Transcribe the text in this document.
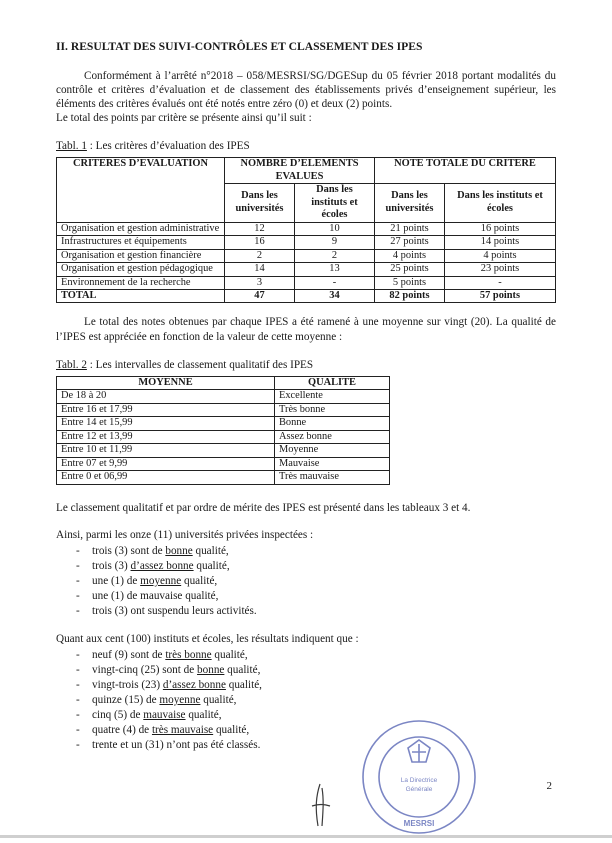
II. RESULTAT DES SUIVI-CONTRÔLES ET CLASSEMENT DES IPES

Conformément à l’arrêté n°2018 – 058/MESRSI/SG/DGESup du 05 février 2018 portant modalités du contrôle et critères d’évaluation et de classement des établissements privés d’enseignement supérieur, les éléments des critères évalués ont été notés entre zéro (0) et deux (2) points.

Le total des points par critère se présente ainsi qu’il suit :

Tabl. 1 : Les critères d’évaluation des IPES

CRITERES D’EVALUATION	NOMBRE D’ELEMENTS EVALUES		NOTE TOTALE DU CRITERE	
	Dans les universités	Dans les instituts et écoles	Dans les universités	Dans les instituts et écoles
Organisation et gestion administrative	12	10	21 points	16 points
Infrastructures et équipements	16	9	27 points	14 points
Organisation et gestion financière	2	2	4 points	4 points
Organisation et gestion pédagogique	14	13	25 points	23 points
Environnement de la recherche	3	-	5 points	-
TOTAL	47	34	82 points	57 points

Le total des notes obtenues par chaque IPES a été ramené à une moyenne sur vingt (20). La qualité de l’IPES est appréciée en fonction de la valeur de cette moyenne :

Tabl. 2 : Les intervalles de classement qualitatif des IPES

MOYENNE	QUALITE
De 18 à 20	Excellente
Entre 16 et 17,99	Très bonne
Entre 14 et 15,99	Bonne
Entre 12 et 13,99	Assez bonne
Entre 10 et 11,99	Moyenne
Entre 07 et 9,99	Mauvaise
Entre 0 et 06,99	Très mauvaise

Le classement qualitatif et par ordre de mérite des IPES est présenté dans les tableaux 3 et 4.

Ainsi, parmi les onze (11) universités privées inspectées :

- trois (3) sont de bonne qualité,
- trois (3) d’assez bonne qualité,
- une (1) de moyenne qualité,
- une (1) de mauvaise qualité,
- trois (3) ont suspendu leurs activités.

Quant aux cent (100) instituts et écoles, les résultats indiquent que :

- neuf (9) sont de très bonne qualité,
- vingt-cinq (25) sont de bonne qualité,
- vingt-trois (23) d’assez bonne qualité,
- quinze (15) de moyenne qualité,
- cinq (5) de mauvaise qualité,
- quatre (4) de très mauvaise qualité,
- trente et un (31) n’ont pas été classés.
La Directrice
Générale
MESRSI
2
